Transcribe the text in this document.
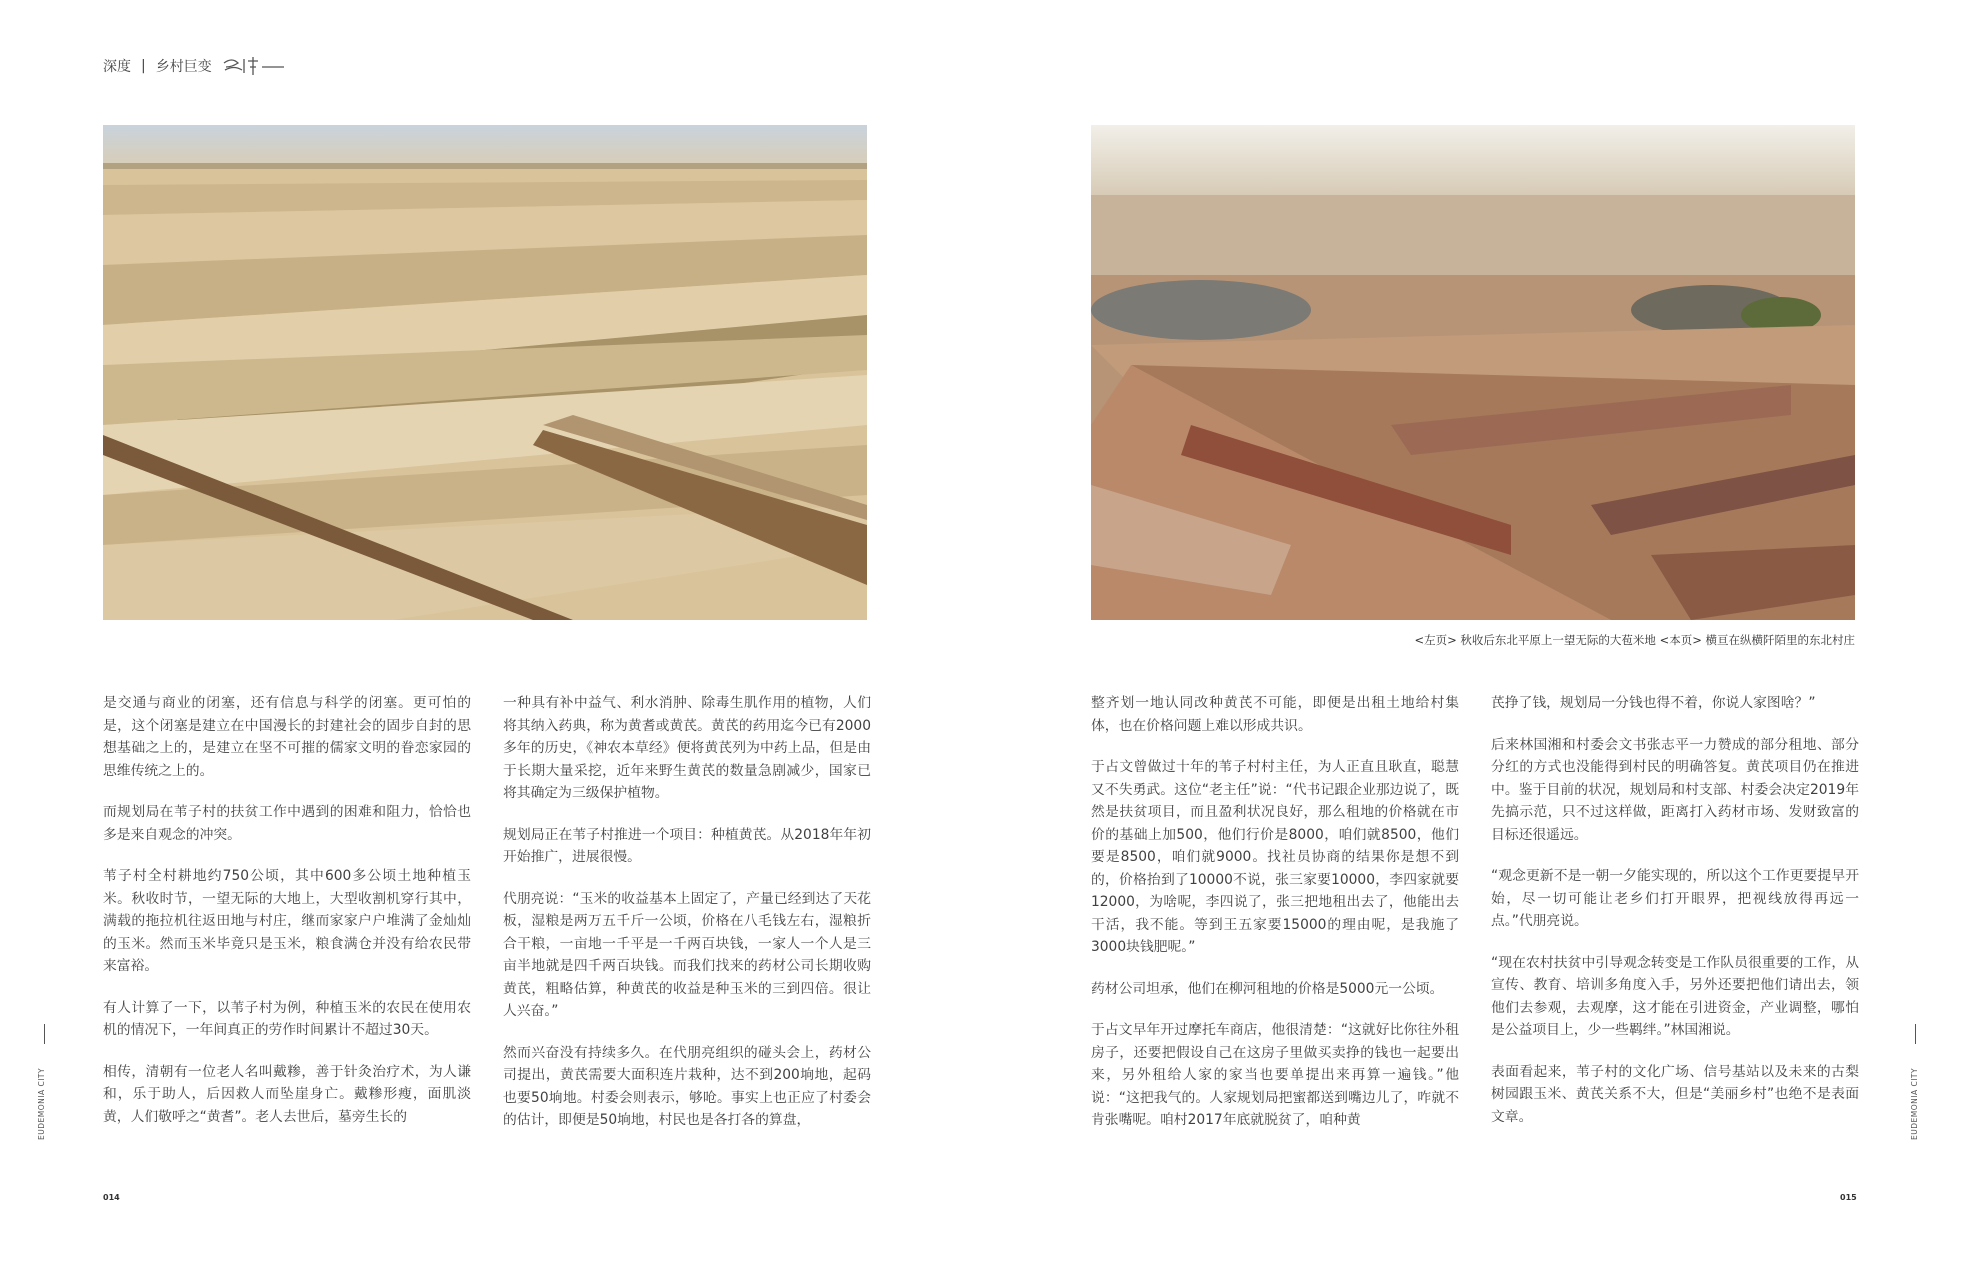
深度 | 乡村巨变
<左页> 秋收后东北平原上一望无际的大苞米地 <本页> 横亘在纵横阡陌里的东北村庄

是交通与商业的闭塞，还有信息与科学的闭塞。更可怕的是，这个闭塞是建立在中国漫长的封建社会的固步自封的思想基础之上的，是建立在坚不可摧的儒家文明的眷恋家园的思维传统之上的。

而规划局在苇子村的扶贫工作中遇到的困难和阻力，恰恰也多是来自观念的冲突。

苇子村全村耕地约750公顷，其中600多公顷土地种植玉米。秋收时节，一望无际的大地上，大型收割机穿行其中，满载的拖拉机往返田地与村庄，继而家家户户堆满了金灿灿的玉米。然而玉米毕竟只是玉米，粮食满仓并没有给农民带来富裕。

有人计算了一下，以苇子村为例，种植玉米的农民在使用农机的情况下，一年间真正的劳作时间累计不超过30天。

相传，清朝有一位老人名叫戴糁，善于针灸治疗术，为人谦和，乐于助人，后因救人而坠崖身亡。戴糁形瘦，面肌淡黄，人们敬呼之“黄耆”。老人去世后，墓旁生长的

一种具有补中益气、利水消肿、除毒生肌作用的植物，人们将其纳入药典，称为黄耆或黄芪。黄芪的药用迄今已有2000多年的历史，《神农本草经》便将黄芪列为中药上品，但是由于长期大量采挖，近年来野生黄芪的数量急剧减少，国家已将其确定为三级保护植物。

规划局正在苇子村推进一个项目：种植黄芪。从2018年年初开始推广，进展很慢。

代朋亮说：“玉米的收益基本上固定了，产量已经到达了天花板，湿粮是两万五千斤一公顷，价格在八毛钱左右，湿粮折合干粮，一亩地一千平是一千两百块钱，一家人一个人是三亩半地就是四千两百块钱。而我们找来的药材公司长期收购黄芪，粗略估算，种黄芪的收益是种玉米的三到四倍。很让人兴奋。”

然而兴奋没有持续多久。在代朋亮组织的碰头会上，药材公司提出，黄芪需要大面积连片栽种，达不到200垧地，起码也要50垧地。村委会则表示，够呛。事实上也正应了村委会的估计，即便是50垧地，村民也是各打各的算盘，

整齐划一地认同改种黄芪不可能，即便是出租土地给村集体，也在价格问题上难以形成共识。

于占文曾做过十年的苇子村村主任，为人正直且耿直，聪慧又不失勇武。这位“老主任”说：“代书记跟企业那边说了，既然是扶贫项目，而且盈利状况良好，那么租地的价格就在市价的基础上加500，他们行价是8000，咱们就8500，他们要是8500，咱们就9000。找社员协商的结果你是想不到的，价格抬到了10000不说，张三家要10000，李四家就要12000，为啥呢，李四说了，张三把地租出去了，他能出去干活，我不能。等到王五家要15000的理由呢，是我施了3000块钱肥呢。”

药材公司坦承，他们在柳河租地的价格是5000元一公顷。

于占文早年开过摩托车商店，他很清楚：“这就好比你往外租房子，还要把假设自己在这房子里做买卖挣的钱也一起要出来，另外租给人家的家当也要单提出来再算一遍钱。”他说：“这把我气的。人家规划局把蜜都送到嘴边儿了，咋就不肯张嘴呢。咱村2017年底就脱贫了，咱种黄

芪挣了钱，规划局一分钱也得不着，你说人家图啥？”

后来林国湘和村委会文书张志平一力赞成的部分租地、部分分红的方式也没能得到村民的明确答复。黄芪项目仍在推进中。鉴于目前的状况，规划局和村支部、村委会决定2019年先搞示范，只不过这样做，距离打入药材市场、发财致富的目标还很遥远。

“观念更新不是一朝一夕能实现的，所以这个工作更要提早开始，尽一切可能让老乡们打开眼界，把视线放得再远一点。”代朋亮说。

“现在农村扶贫中引导观念转变是工作队员很重要的工作，从宣传、教育、培训多角度入手，另外还要把他们请出去，领他们去参观，去观摩，这才能在引进资金，产业调整，哪怕是公益项目上，少一些羁绊。”林国湘说。

表面看起来，苇子村的文化广场、信号基站以及未来的古梨树园跟玉米、黄芪关系不大，但是“美丽乡村”也绝不是表面文章。

EUDEMONIA CITY	EUDEMONIA CITY
014	015
